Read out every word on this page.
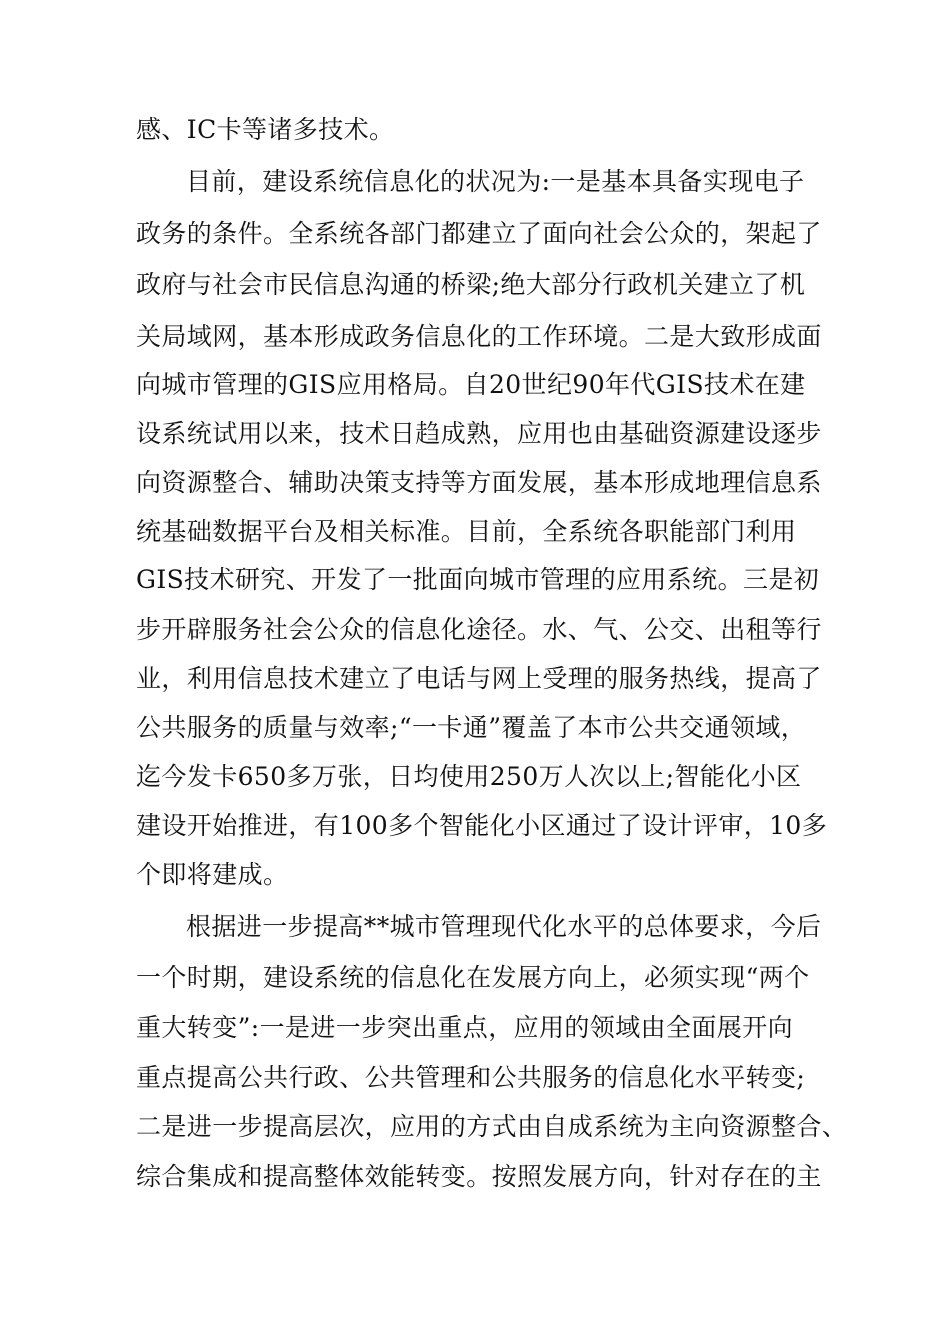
感、IC卡等诸多技术。

目前，建设系统信息化的状况为:一是基本具备实现电子

政务的条件。全系统各部门都建立了面向社会公众的，架起了

政府与社会市民信息沟通的桥梁;绝大部分行政机关建立了机

关局域网，基本形成政务信息化的工作环境。二是大致形成面

向城市管理的GIS应用格局。自20世纪90年代GIS技术在建

设系统试用以来，技术日趋成熟，应用也由基础资源建设逐步

向资源整合、辅助决策支持等方面发展，基本形成地理信息系

统基础数据平台及相关标准。目前，全系统各职能部门利用

GIS技术研究、开发了一批面向城市管理的应用系统。三是初

步开辟服务社会公众的信息化途径。水、气、公交、出租等行

业，利用信息技术建立了电话与网上受理的服务热线，提高了

公共服务的质量与效率;“一卡通”覆盖了本市公共交通领域，

迄今发卡650多万张，日均使用250万人次以上;智能化小区

建设开始推进，有100多个智能化小区通过了设计评审，10多

个即将建成。

根据进一步提高**城市管理现代化水平的总体要求，今后

一个时期，建设系统的信息化在发展方向上，必须实现“两个

重大转变”:一是进一步突出重点，应用的领域由全面展开向

重点提高公共行政、公共管理和公共服务的信息化水平转变;

二是进一步提高层次，应用的方式由自成系统为主向资源整合、

综合集成和提高整体效能转变。按照发展方向，针对存在的主
